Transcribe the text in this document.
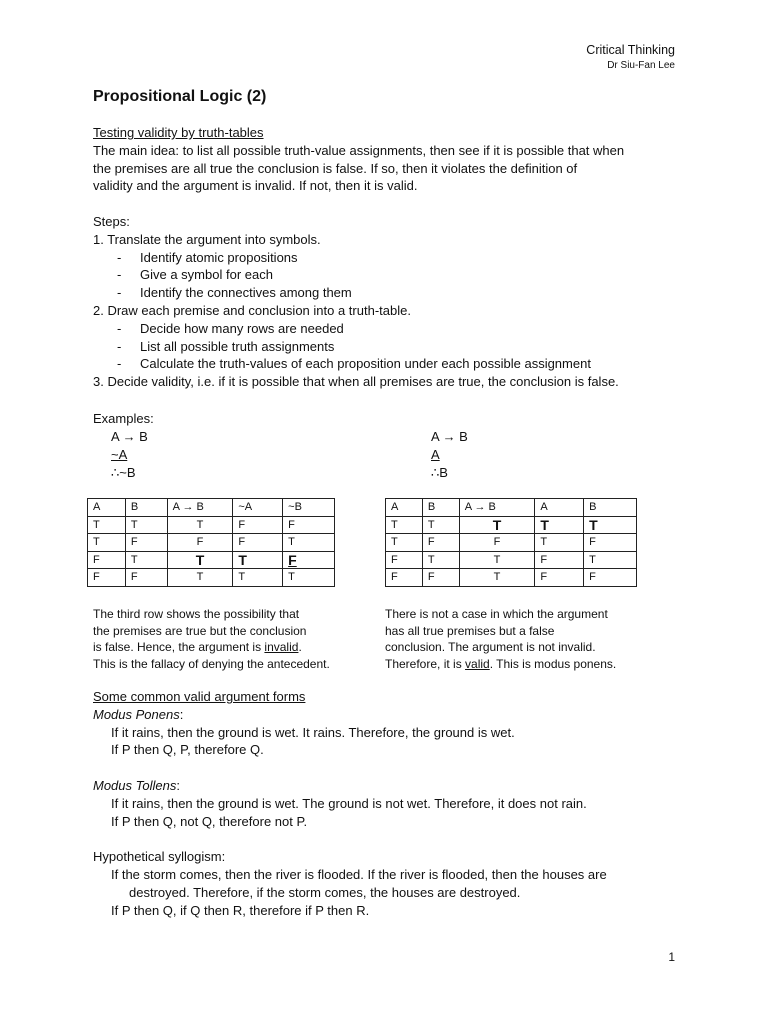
Critical Thinking
Dr Siu-Fan Lee
Propositional Logic (2)
Testing validity by truth-tables
The main idea: to list all possible truth-value assignments, then see if it is possible that when
the premises are all true the conclusion is false. If so, then it violates the definition of
validity and the argument is invalid. If not, then it is valid.
Steps:
1. Translate the argument into symbols.
- Identify atomic propositions
- Give a symbol for each
- Identify the connectives among them
2. Draw each premise and conclusion into a truth-table.
- Decide how many rows are needed
- List all possible truth assignments
- Calculate the truth-values of each proposition under each possible assignment
3. Decide validity, i.e. if it is possible that when all premises are true, the conclusion is false.
Examples:
A → B
~A
∴~B
A → B
A
∴B
A	B	A → B	~A	~B
T	T	T	F	F
T	F	F	F	T
F	T	T	T	F
F	F	T	T	T
A	B	A → B	A	B
T	T	T	T	T
T	F	F	T	F
F	T	T	F	T
F	F	T	F	F
The third row shows the possibility that
the premises are true but the conclusion
is false. Hence, the argument is invalid.
This is the fallacy of denying the antecedent.
There is not a case in which the argument
has all true premises but a false
conclusion. The argument is not invalid.
Therefore, it is valid. This is modus ponens.
Some common valid argument forms
Modus Ponens:
If it rains, then the ground is wet. It rains. Therefore, the ground is wet.
If P then Q, P, therefore Q.
Modus Tollens:
If it rains, then the ground is wet. The ground is not wet. Therefore, it does not rain.
If P then Q, not Q, therefore not P.
Hypothetical syllogism:
If the storm comes, then the river is flooded. If the river is flooded, then the houses are
destroyed. Therefore, if the storm comes, the houses are destroyed.
If P then Q, if Q then R, therefore if P then R.
1
